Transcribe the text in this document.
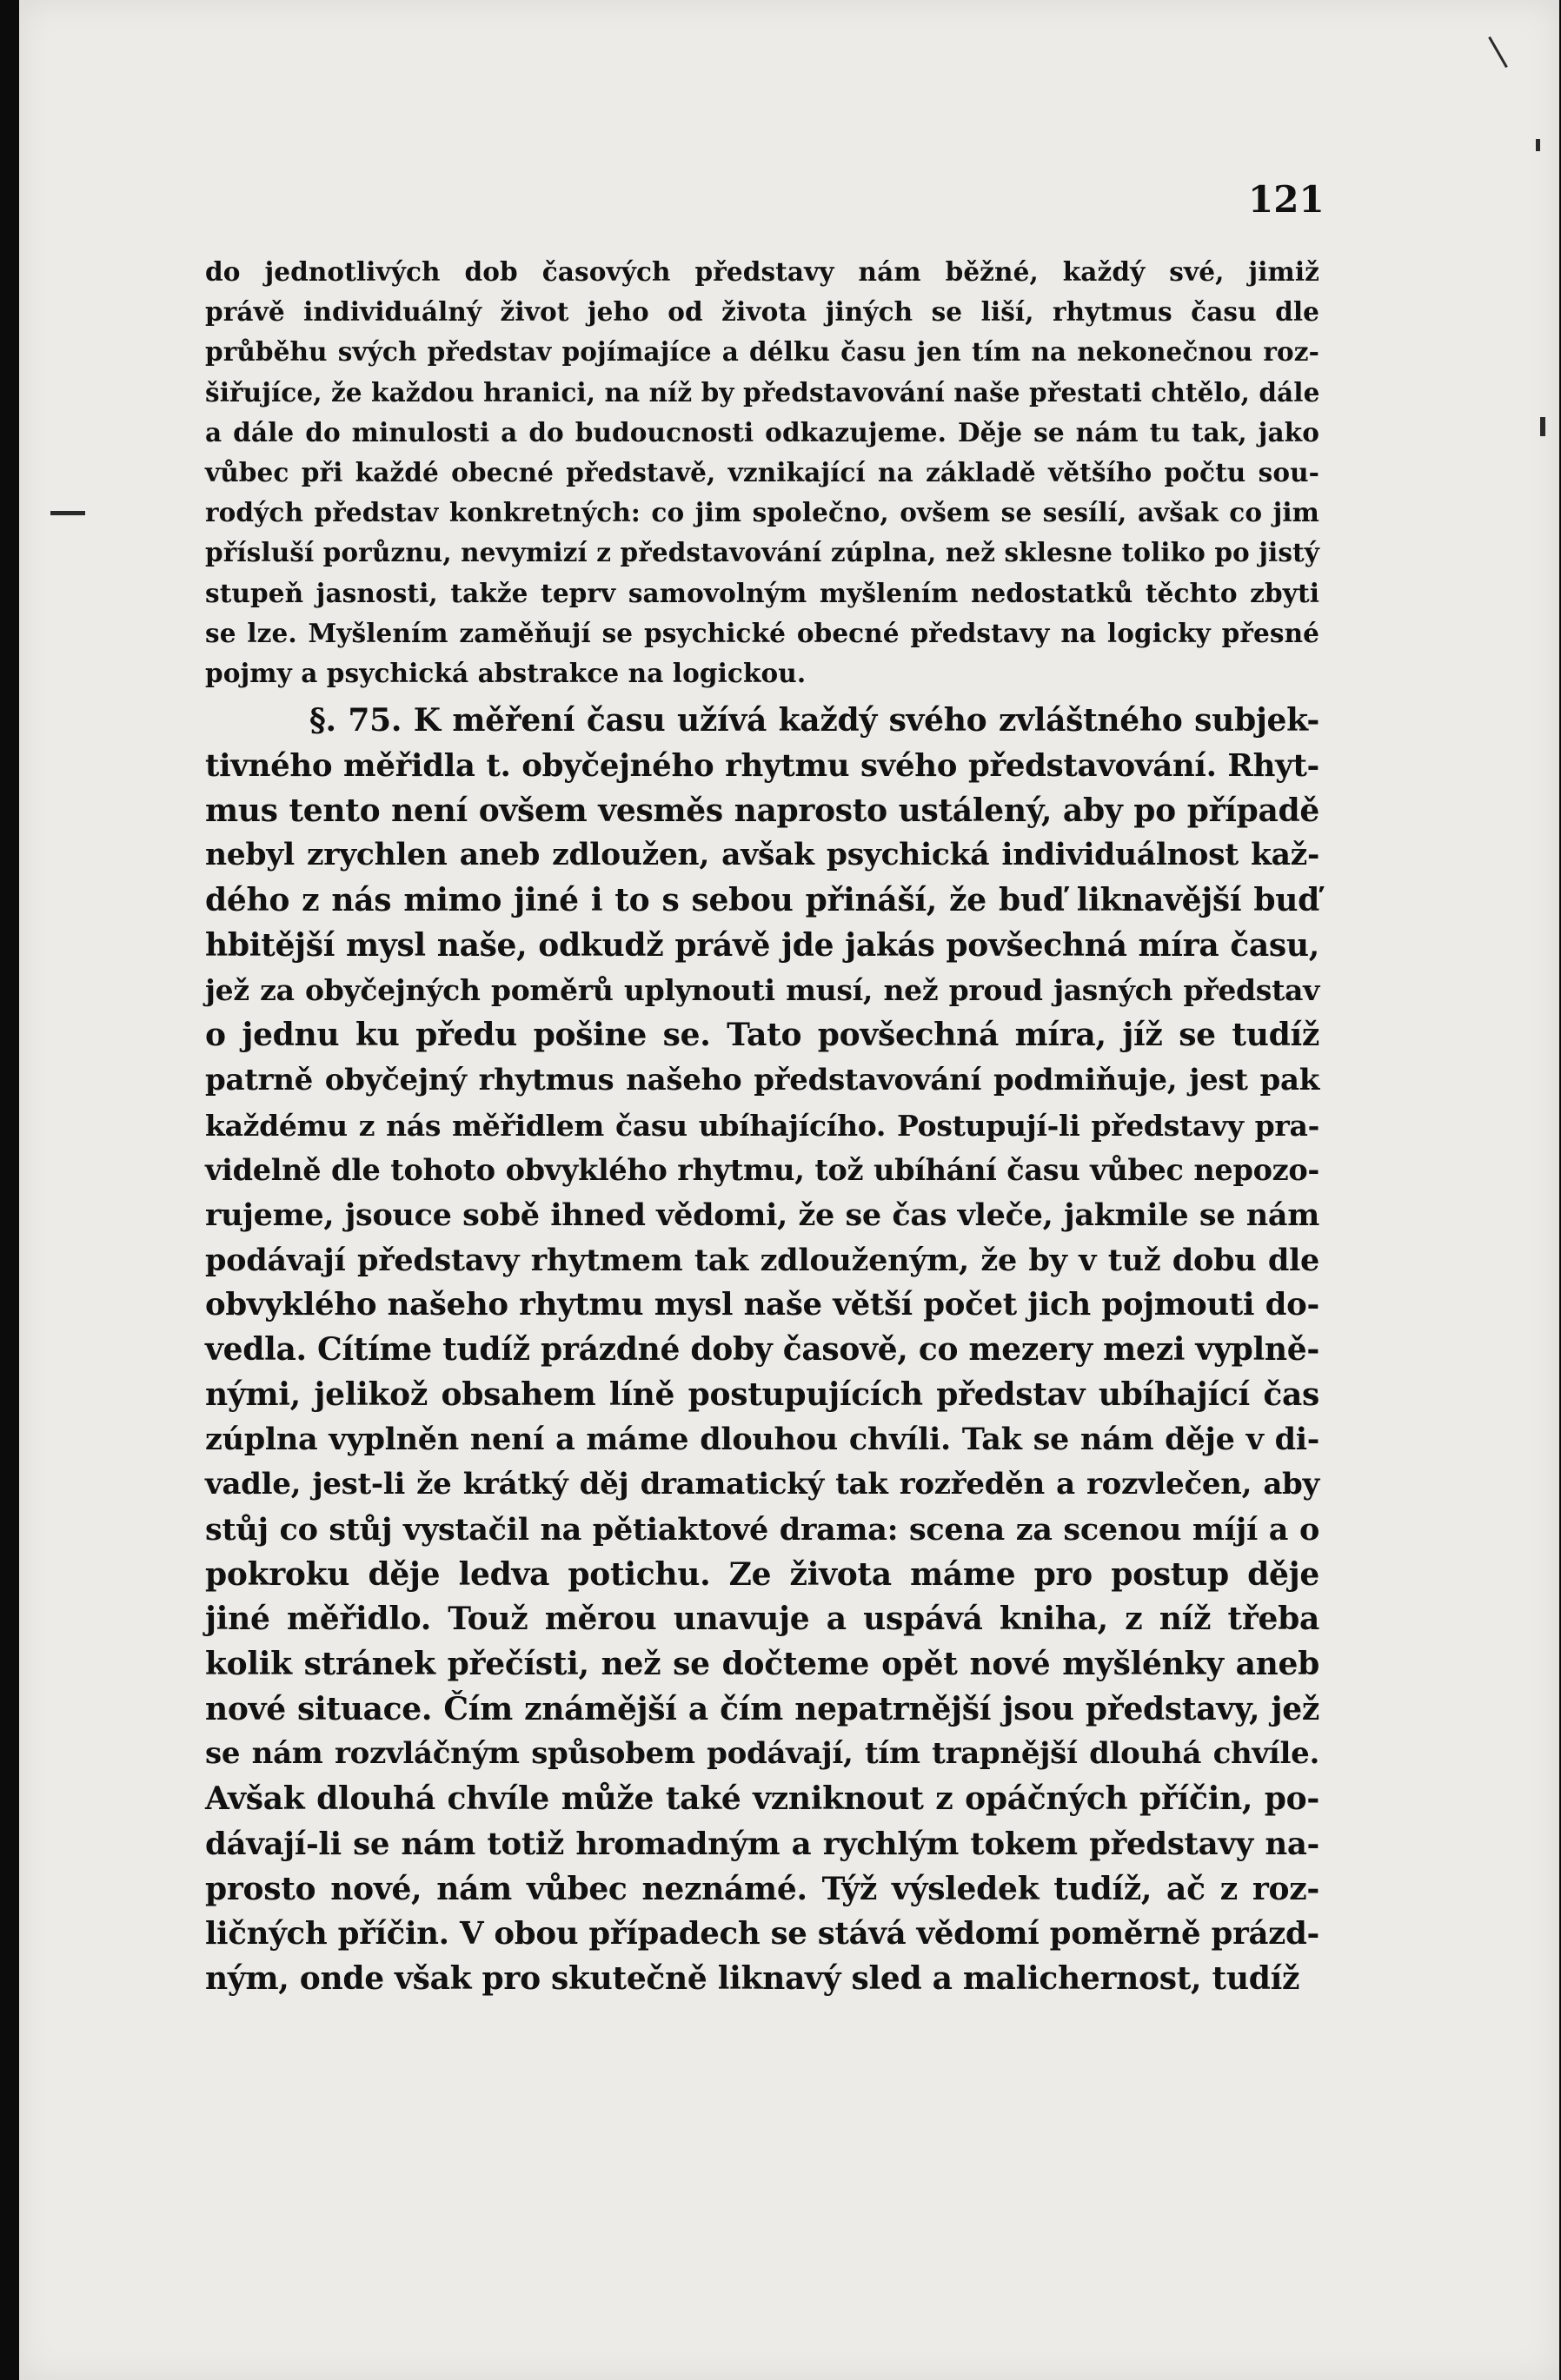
121

do jednotlivých dob časových představy nám běžné, každý své, jimiž
právě individuálný život jeho od života jiných se liší, rhytmus času dle
průběhu svých představ pojímajíce a délku času jen tím na nekonečnou roz-
šiřujíce, že každou hranici, na níž by představování naše přestati chtělo, dále
a dále do minulosti a do budoucnosti odkazujeme. Děje se nám tu tak, jako
vůbec při každé obecné představě, vznikající na základě většího počtu sou-
rodých představ konkretných: co jim společno, ovšem se sesílí, avšak co jim
přísluší porůznu, nevymizí z představování zúplna, než sklesne toliko po jistý
stupeň jasnosti, takže teprv samovolným myšlením nedostatků těchto zbyti
se lze. Myšlením zaměňují se psychické obecné představy na logicky přesné
pojmy a psychická abstrakce na logickou.

§. 75. K měření času užívá každý svého zvláštného subjek-
tivného měřidla t. obyčejného rhytmu svého představování. Rhyt-
mus tento není ovšem vesměs naprosto ustálený, aby po případě
nebyl zrychlen aneb zdloužen, avšak psychická individuálnost kaž-
dého z nás mimo jiné i to s sebou přináší, že buď liknavější buď
hbitější mysl naše, odkudž právě jde jakás povšechná míra času,
jež za obyčejných poměrů uplynouti musí, než proud jasných představ
o jednu ku předu pošine se. Tato povšechná míra, jíž se tudíž
patrně obyčejný rhytmus našeho představování podmiňuje, jest pak
každému z nás měřidlem času ubíhajícího. Postupují-li představy pra-
videlně dle tohoto obvyklého rhytmu, tož ubíhání času vůbec nepozo-
rujeme, jsouce sobě ihned vědomi, že se čas vleče, jakmile se nám
podávají představy rhytmem tak zdlouženým, že by v tuž dobu dle
obvyklého našeho rhytmu mysl naše větší počet jich pojmouti do-
vedla. Cítíme tudíž prázdné doby časově, co mezery mezi vyplně-
nými, jelikož obsahem líně postupujících představ ubíhající čas
zúplna vyplněn není a máme dlouhou chvíli. Tak se nám děje v di-
vadle, jest-li že krátký děj dramatický tak rozředěn a rozvlečen, aby
stůj co stůj vystačil na pětiaktové drama: scena za scenou míjí a o
pokroku děje ledva potichu. Ze života máme pro postup děje
jiné měřidlo. Touž měrou unavuje a uspává kniha, z níž třeba
kolik stránek přečísti, než se dočteme opět nové myšlénky aneb
nové situace. Čím známější a čím nepatrnější jsou představy, jež
se nám rozvláčným spůsobem podávají, tím trapnější dlouhá chvíle.
Avšak dlouhá chvíle může také vzniknout z opáčných příčin, po-
dávají-li se nám totiž hromadným a rychlým tokem představy na-
prosto nové, nám vůbec neznámé. Týž výsledek tudíž, ač z roz-
ličných příčin. V obou případech se stává vědomí poměrně prázd-
ným, onde však pro skutečně liknavý sled a malichernost, tudíž
